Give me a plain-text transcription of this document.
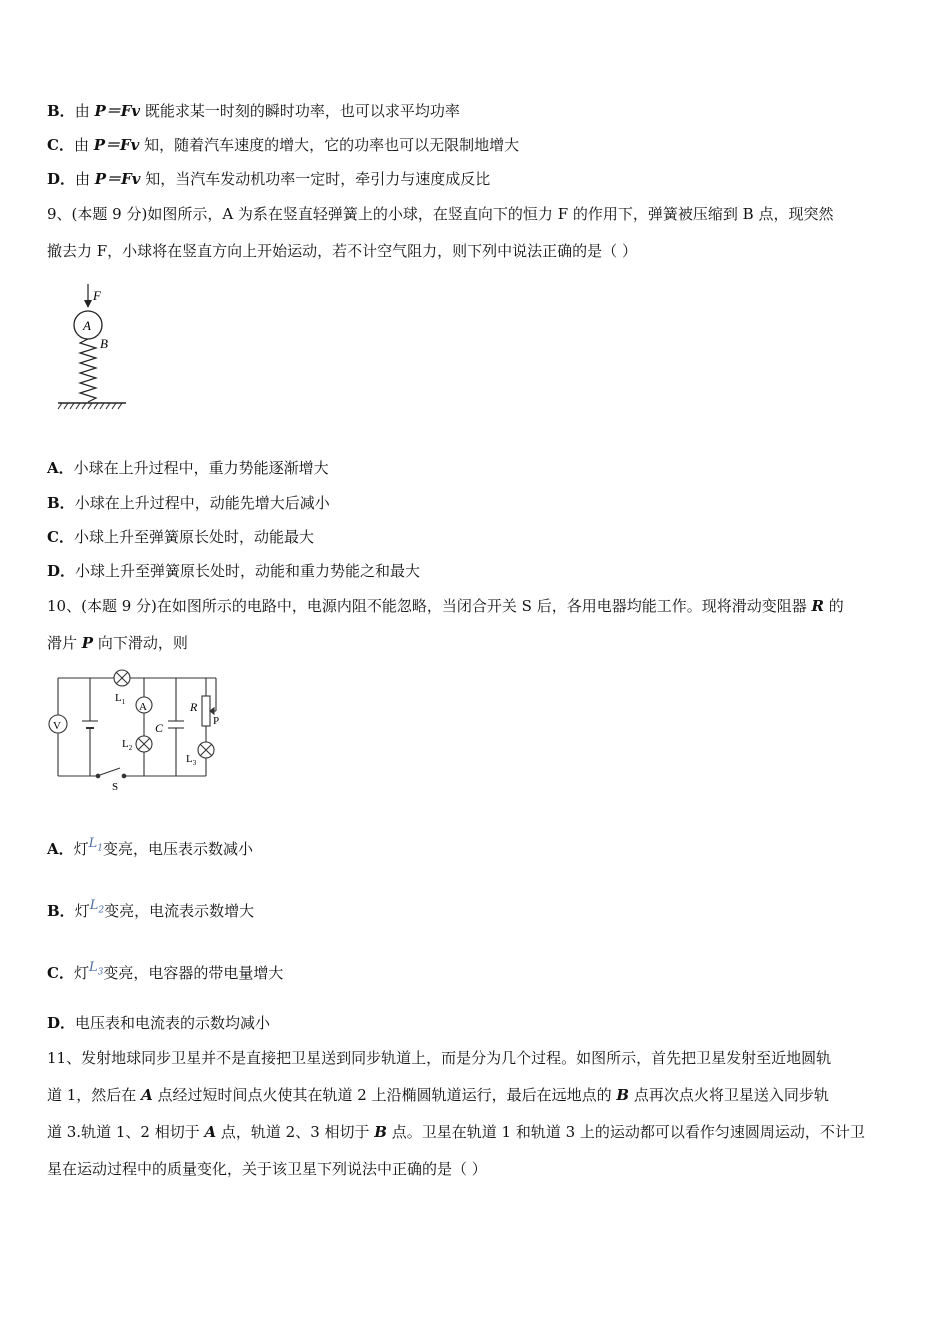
B．由 P＝Fv 既能求某一时刻的瞬时功率，也可以求平均功率
C．由 P＝Fv 知，随着汽车速度的增大，它的功率也可以无限制地增大
D．由 P＝Fv 知，当汽车发动机功率一定时，牵引力与速度成反比
9、(本题 9 分)如图所示，A 为系在竖直轻弹簧上的小球，在竖直向下的恒力 F 的作用下，弹簧被压缩到 B 点，现突然
撤去力 F，小球将在竖直方向上开始运动，若不计空气阻力，则下列中说法正确的是（ ）
F
A
B
A．小球在上升过程中，重力势能逐渐增大
B．小球在上升过程中，动能先增大后减小
C．小球上升至弹簧原长处时，动能最大
D．小球上升至弹簧原长处时，动能和重力势能之和最大
10、(本题 9 分)在如图所示的电路中，电源内阻不能忽略，当闭合开关 S 后，各用电器均能工作。现将滑动变阻器 R 的
滑片 P 向下滑动，则
V
A
$L_1$
$L_2$
$L_3$
C
R
P
S
A．灯$L_1$变亮，电压表示数减小
B．灯$L_2$变亮，电流表示数增大
C．灯$L_3$变亮，电容器的带电量增大
D．电压表和电流表的示数均减小
11、发射地球同步卫星并不是直接把卫星送到同步轨道上，而是分为几个过程。如图所示，首先把卫星发射至近地圆轨
道 1，然后在 A 点经过短时间点火使其在轨道 2 上沿椭圆轨道运行，最后在远地点的 B 点再次点火将卫星送入同步轨
道 3.轨道 1、2 相切于 A 点，轨道 2、3 相切于 B 点。卫星在轨道 1 和轨道 3 上的运动都可以看作匀速圆周运动，不计卫
星在运动过程中的质量变化，关于该卫星下列说法中正确的是（ ）
